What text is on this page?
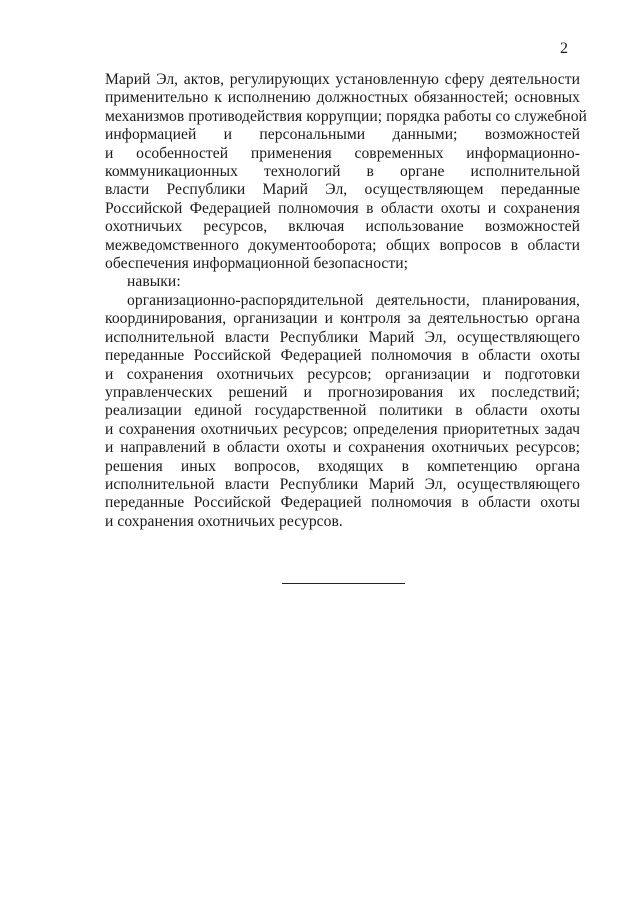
2
Марий Эл, актов, регулирующих установленную сферу деятельности
применительно к исполнению должностных обязанностей; основных
механизмов противодействия коррупции; порядка работы со служебной
информацией и персональными данными; возможностей
и особенностей применения современных информационно-
коммуникационных технологий в органе исполнительной
власти Республики Марий Эл, осуществляющем переданные
Российской Федерацией полномочия в области охоты и сохранения
охотничьих ресурсов, включая использование возможностей
межведомственного документооборота; общих вопросов в области
обеспечения информационной безопасности;
навыки:
организационно-распорядительной деятельности, планирования,
координирования, организации и контроля за деятельностью органа
исполнительной власти Республики Марий Эл, осуществляющего
переданные Российской Федерацией полномочия в области охоты
и сохранения охотничьих ресурсов; организации и подготовки
управленческих решений и прогнозирования их последствий;
реализации единой государственной политики в области охоты
и сохранения охотничьих ресурсов; определения приоритетных задач
и направлений в области охоты и сохранения охотничьих ресурсов;
решения иных вопросов, входящих в компетенцию органа
исполнительной власти Республики Марий Эл, осуществляющего
переданные Российской Федерацией полномочия в области охоты
и сохранения охотничьих ресурсов.
